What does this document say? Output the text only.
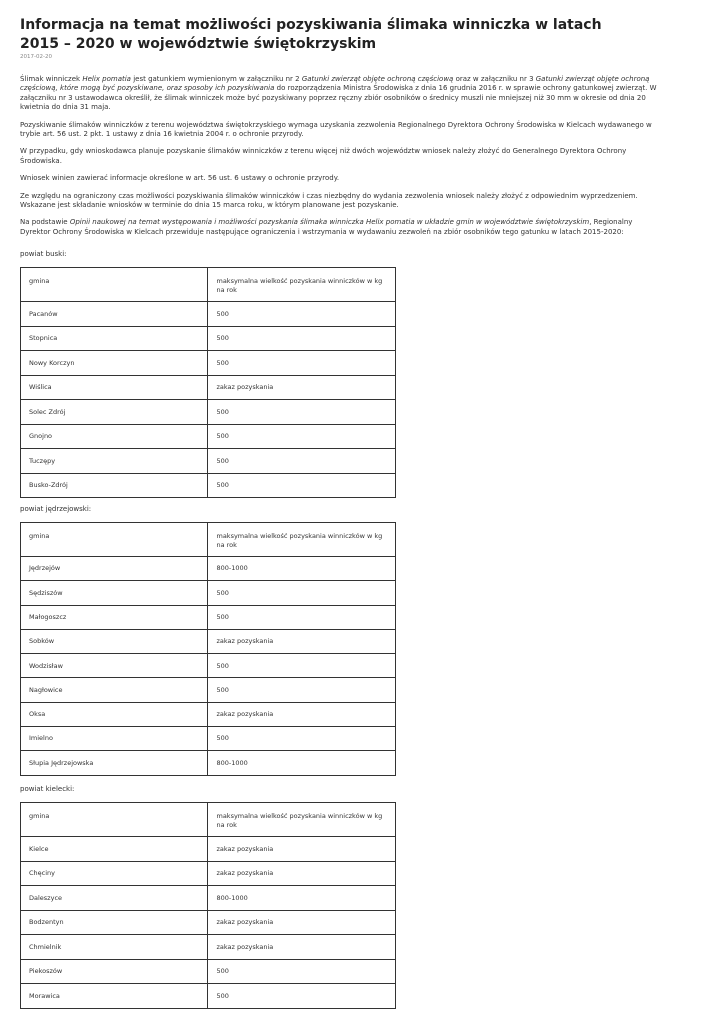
Informacja na temat możliwości pozyskiwania ślimaka winniczka w latach 2015 – 2020 w województwie świętokrzyskim
2017-02-20

Ślimak winniczek Helix pomatia jest gatunkiem wymienionym w załączniku nr 2 Gatunki zwierząt objęte ochroną częściową oraz w załączniku nr 3 Gatunki zwierząt objęte ochroną częściową, które mogą być pozyskiwane, oraz sposoby ich pozyskiwania do rozporządzenia Ministra Środowiska z dnia 16 grudnia 2016 r. w sprawie ochrony gatunkowej zwierząt. W załączniku nr 3 ustawodawca określił, że ślimak winniczek może być pozyskiwany poprzez ręczny zbiór osobników o średnicy muszli nie mniejszej niż 30 mm w okresie od dnia 20 kwietnia do dnia 31 maja.

Pozyskiwanie ślimaków winniczków z terenu województwa świętokrzyskiego wymaga uzyskania zezwolenia Regionalnego Dyrektora Ochrony Środowiska w Kielcach wydawanego w trybie art. 56 ust. 2 pkt. 1 ustawy z dnia 16 kwietnia 2004 r. o ochronie przyrody.

W przypadku, gdy wnioskodawca planuje pozyskanie ślimaków winniczków z terenu więcej niż dwóch województw wniosek należy złożyć do Generalnego Dyrektora Ochrony Środowiska.

Wniosek winien zawierać informacje określone w art. 56 ust. 6 ustawy o ochronie przyrody.

Ze względu na ograniczony czas możliwości pozyskiwania ślimaków winniczków i czas niezbędny do wydania zezwolenia wniosek należy złożyć z odpowiednim wyprzedzeniem. Wskazane jest składanie wniosków w terminie do dnia 15 marca roku, w którym planowane jest pozyskanie.

Na podstawie Opinii naukowej na temat występowania i możliwości pozyskania ślimaka winniczka Helix pomatia w układzie gmin w województwie świętokrzyskim, Regionalny Dyrektor Ochrony Środowiska w Kielcach przewiduje następujące ograniczenia i wstrzymania w wydawaniu zezwoleń na zbiór osobników tego gatunku w latach 2015-2020:

powiat buski:
gmina	maksymalna wielkość pozyskania winniczków w kg na rok
Pacanów	500
Stopnica	500
Nowy Korczyn	500
Wiślica	zakaz pozyskania
Solec Zdrój	500
Gnojno	500
Tuczępy	500
Busko-Zdrój	500
powiat jędrzejowski:
gmina	maksymalna wielkość pozyskania winniczków w kg na rok
Jędrzejów	800-1000
Sędziszów	500
Małogoszcz	500
Sobków	zakaz pozyskania
Wodzisław	500
Nagłowice	500
Oksa	zakaz pozyskania
Imielno	500
Słupia Jędrzejowska	800-1000
powiat kielecki:
gmina	maksymalna wielkość pozyskania winniczków w kg na rok
Kielce	zakaz pozyskania
Chęciny	zakaz pozyskania
Daleszyce	800-1000
Bodzentyn	zakaz pozyskania
Chmielnik	zakaz pozyskania
Piekoszów	500
Morawica	500
